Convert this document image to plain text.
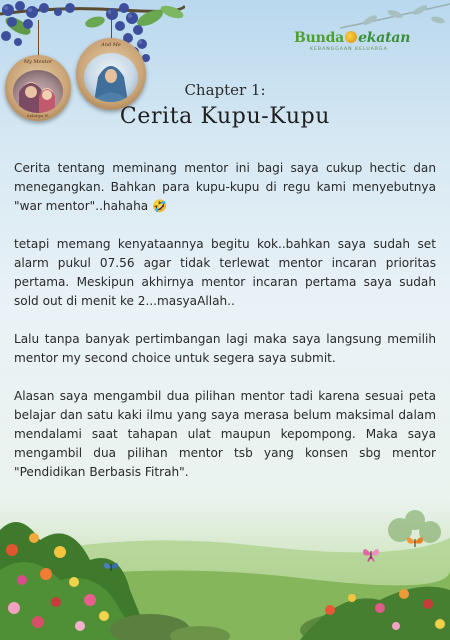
My Mentor
Selatiya N.
And Me	Bunda ekatan
KEBANGGAAN KELUARGA
Chapter 1:
Cerita Kupu-Kupu

Cerita tentang meminang mentor ini bagi saya cukup hectic dan menegangkan. Bahkan para kupu-kupu di regu kami menyebutnya "war mentor"..hahaha 🤣

tetapi memang kenyataannya begitu kok..bahkan saya sudah set alarm pukul 07.56 agar tidak terlewat mentor incaran prioritas pertama. Meskipun akhirnya mentor incaran pertama saya sudah sold out di menit ke 2...masyaAllah..

Lalu tanpa banyak pertimbangan lagi maka saya langsung memilih mentor my second choice untuk segera saya submit.

Alasan saya mengambil dua pilihan mentor tadi karena sesuai peta belajar dan satu kaki ilmu yang saya merasa belum maksimal dalam mendalami saat tahapan ulat maupun kepompong. Maka saya mengambil dua pilihan mentor tsb yang konsen sbg mentor "Pendidikan Berbasis Fitrah".
